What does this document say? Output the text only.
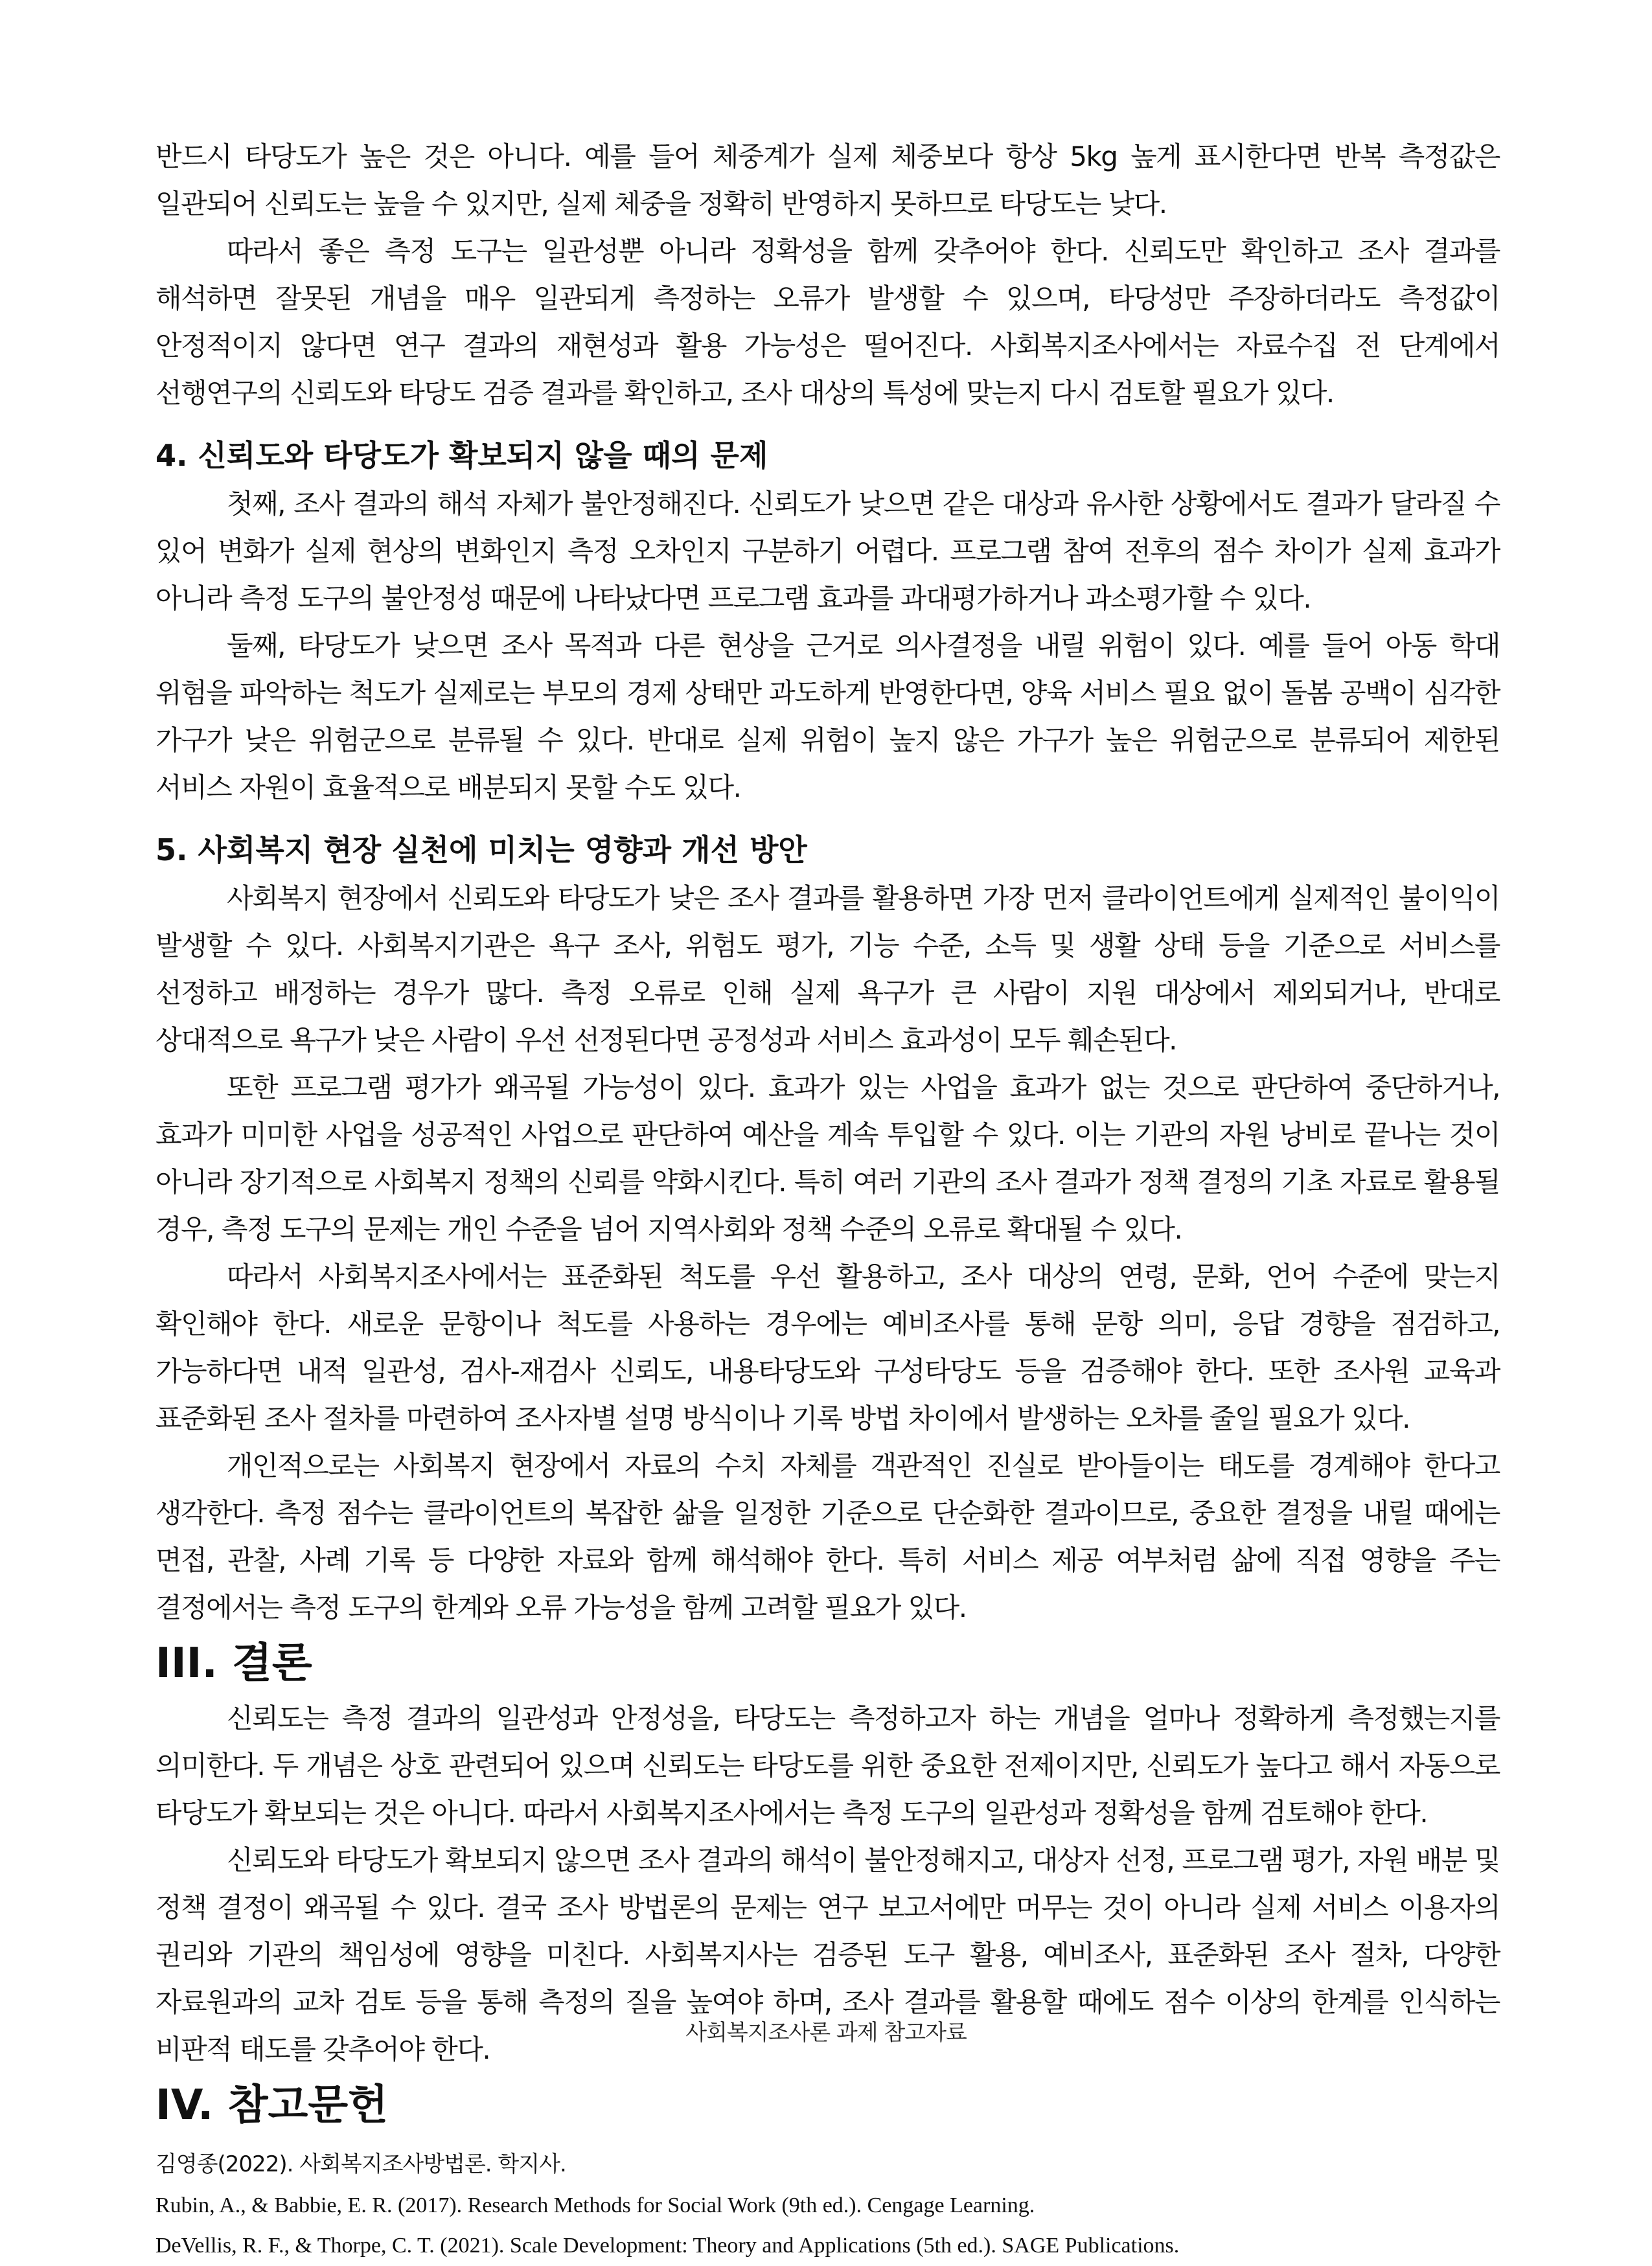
반드시 타당도가 높은 것은 아니다. 예를 들어 체중계가 실제 체중보다 항상 5kg 높게 표시한다면 반복 측정값은 일관되어 신뢰도는 높을 수 있지만, 실제 체중을 정확히 반영하지 못하므로 타당도는 낮다.

따라서 좋은 측정 도구는 일관성뿐 아니라 정확성을 함께 갖추어야 한다. 신뢰도만 확인하고 조사 결과를 해석하면 잘못된 개념을 매우 일관되게 측정하는 오류가 발생할 수 있으며, 타당성만 주장하더라도 측정값이 안정적이지 않다면 연구 결과의 재현성과 활용 가능성은 떨어진다. 사회복지조사에서는 자료수집 전 단계에서 선행연구의 신뢰도와 타당도 검증 결과를 확인하고, 조사 대상의 특성에 맞는지 다시 검토할 필요가 있다.

4. 신뢰도와 타당도가 확보되지 않을 때의 문제

첫째, 조사 결과의 해석 자체가 불안정해진다. 신뢰도가 낮으면 같은 대상과 유사한 상황에서도 결과가 달라질 수 있어 변화가 실제 현상의 변화인지 측정 오차인지 구분하기 어렵다. 프로그램 참여 전후의 점수 차이가 실제 효과가 아니라 측정 도구의 불안정성 때문에 나타났다면 프로그램 효과를 과대평가하거나 과소평가할 수 있다.

둘째, 타당도가 낮으면 조사 목적과 다른 현상을 근거로 의사결정을 내릴 위험이 있다. 예를 들어 아동 학대 위험을 파악하는 척도가 실제로는 부모의 경제 상태만 과도하게 반영한다면, 양육 서비스 필요 없이 돌봄 공백이 심각한 가구가 낮은 위험군으로 분류될 수 있다. 반대로 실제 위험이 높지 않은 가구가 높은 위험군으로 분류되어 제한된 서비스 자원이 효율적으로 배분되지 못할 수도 있다.

5. 사회복지 현장 실천에 미치는 영향과 개선 방안

사회복지 현장에서 신뢰도와 타당도가 낮은 조사 결과를 활용하면 가장 먼저 클라이언트에게 실제적인 불이익이 발생할 수 있다. 사회복지기관은 욕구 조사, 위험도 평가, 기능 수준, 소득 및 생활 상태 등을 기준으로 서비스를 선정하고 배정하는 경우가 많다. 측정 오류로 인해 실제 욕구가 큰 사람이 지원 대상에서 제외되거나, 반대로 상대적으로 욕구가 낮은 사람이 우선 선정된다면 공정성과 서비스 효과성이 모두 훼손된다.

또한 프로그램 평가가 왜곡될 가능성이 있다. 효과가 있는 사업을 효과가 없는 것으로 판단하여 중단하거나, 효과가 미미한 사업을 성공적인 사업으로 판단하여 예산을 계속 투입할 수 있다. 이는 기관의 자원 낭비로 끝나는 것이 아니라 장기적으로 사회복지 정책의 신뢰를 약화시킨다. 특히 여러 기관의 조사 결과가 정책 결정의 기초 자료로 활용될 경우, 측정 도구의 문제는 개인 수준을 넘어 지역사회와 정책 수준의 오류로 확대될 수 있다.

따라서 사회복지조사에서는 표준화된 척도를 우선 활용하고, 조사 대상의 연령, 문화, 언어 수준에 맞는지 확인해야 한다. 새로운 문항이나 척도를 사용하는 경우에는 예비조사를 통해 문항 의미, 응답 경향을 점검하고, 가능하다면 내적 일관성, 검사-재검사 신뢰도, 내용타당도와 구성타당도 등을 검증해야 한다. 또한 조사원 교육과 표준화된 조사 절차를 마련하여 조사자별 설명 방식이나 기록 방법 차이에서 발생하는 오차를 줄일 필요가 있다.

개인적으로는 사회복지 현장에서 자료의 수치 자체를 객관적인 진실로 받아들이는 태도를 경계해야 한다고 생각한다. 측정 점수는 클라이언트의 복잡한 삶을 일정한 기준으로 단순화한 결과이므로, 중요한 결정을 내릴 때에는 면접, 관찰, 사례 기록 등 다양한 자료와 함께 해석해야 한다. 특히 서비스 제공 여부처럼 삶에 직접 영향을 주는 결정에서는 측정 도구의 한계와 오류 가능성을 함께 고려할 필요가 있다.

III. 결론

신뢰도는 측정 결과의 일관성과 안정성을, 타당도는 측정하고자 하는 개념을 얼마나 정확하게 측정했는지를 의미한다. 두 개념은 상호 관련되어 있으며 신뢰도는 타당도를 위한 중요한 전제이지만, 신뢰도가 높다고 해서 자동으로 타당도가 확보되는 것은 아니다. 따라서 사회복지조사에서는 측정 도구의 일관성과 정확성을 함께 검토해야 한다.

신뢰도와 타당도가 확보되지 않으면 조사 결과의 해석이 불안정해지고, 대상자 선정, 프로그램 평가, 자원 배분 및 정책 결정이 왜곡될 수 있다. 결국 조사 방법론의 문제는 연구 보고서에만 머무는 것이 아니라 실제 서비스 이용자의 권리와 기관의 책임성에 영향을 미친다. 사회복지사는 검증된 도구 활용, 예비조사, 표준화된 조사 절차, 다양한 자료원과의 교차 검토 등을 통해 측정의 질을 높여야 하며, 조사 결과를 활용할 때에도 점수 이상의 한계를 인식하는 비판적 태도를 갖추어야 한다.

IV. 참고문헌
김영종(2022). 사회복지조사방법론. 학지사.
Rubin, A., & Babbie, E. R. (2017). Research Methods for Social Work (9th ed.). Cengage Learning.
DeVellis, R. F., & Thorpe, C. T. (2021). Scale Development: Theory and Applications (5th ed.). SAGE Publications.
사회복지조사론 과제 참고자료
